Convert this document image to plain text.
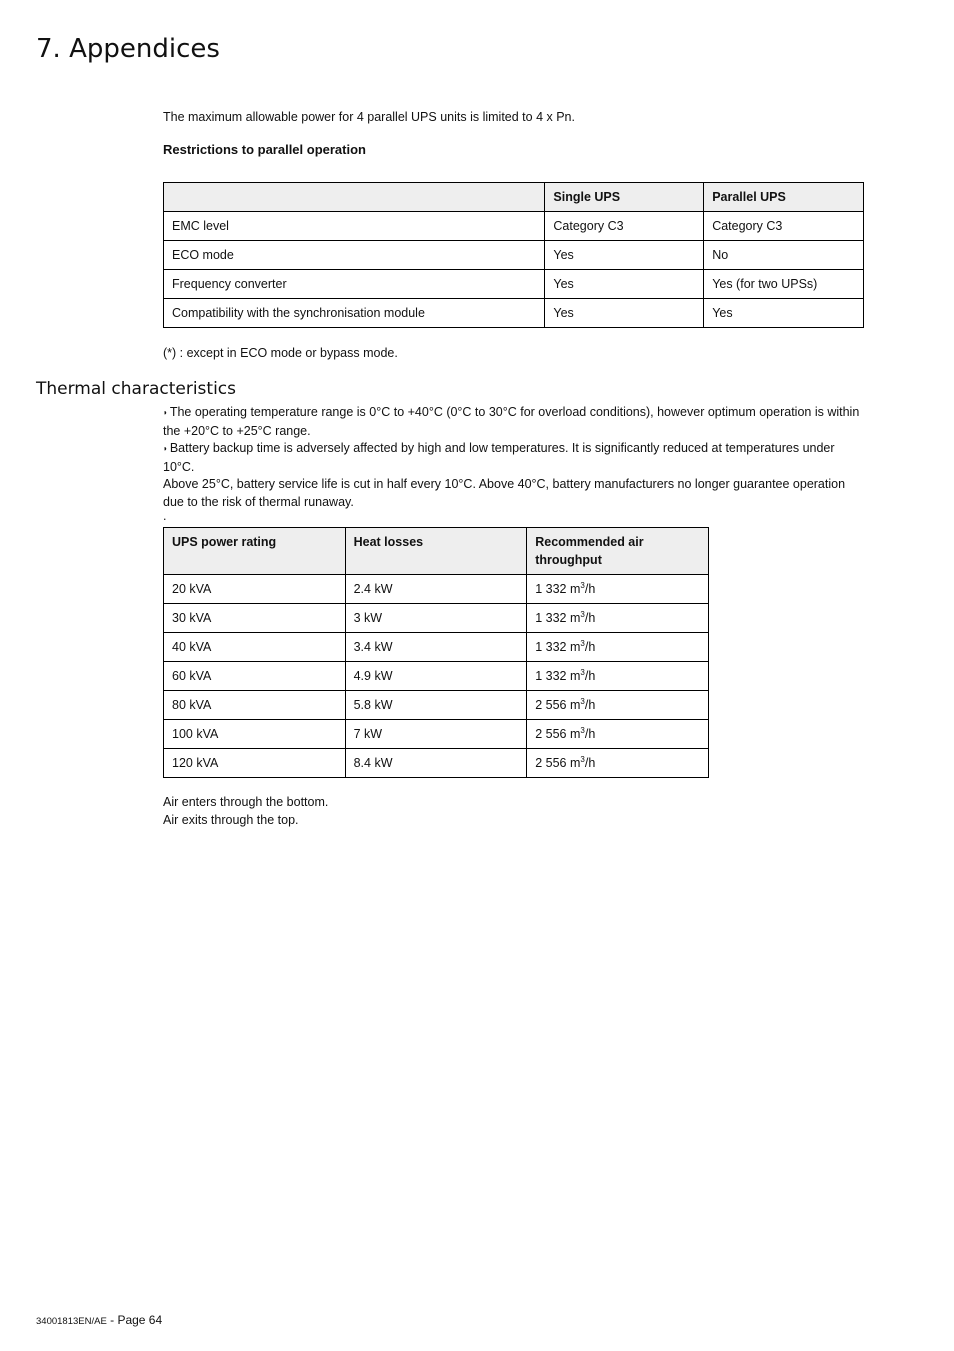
7. Appendices

The maximum allowable power for 4 parallel UPS units is limited to 4 x Pn.

Restrictions to parallel operation

	Single UPS	Parallel UPS
EMC level	Category C3	Category C3
ECO mode	Yes	No
Frequency converter	Yes	Yes (for two UPSs)
Compatibility with the synchronisation module	Yes	Yes

(*) : except in ECO mode or bypass mode.

◗ The operating temperature range is 0°C to +40°C (0°C to 30°C for overload conditions), however optimum operation is within the +20°C to +25°C range.

◗ Battery backup time is adversely affected by high and low temperatures. It is significantly reduced at temperatures under 10°C.

Above 25°C, battery service life is cut in half every 10°C. Above 40°C, battery manufacturers no longer guarantee operation due to the risk of thermal runaway.

.

UPS power rating	Heat losses	Recommended air throughput
20 kVA	2.4 kW	1 332 $m^3/h$
30 kVA	3 kW	1 332 $m^3/h$
40 kVA	3.4 kW	1 332 $m^3/h$
60 kVA	4.9 kW	1 332 $m^3/h$
80 kVA	5.8 kW	2 556 $m^3/h$
100 kVA	7 kW	2 556 $m^3/h$
120 kVA	8.4 kW	2 556 $m^3/h$

Air enters through the bottom.

Air exits through the top.

Thermal characteristics
34001813EN/AE - Page 64
